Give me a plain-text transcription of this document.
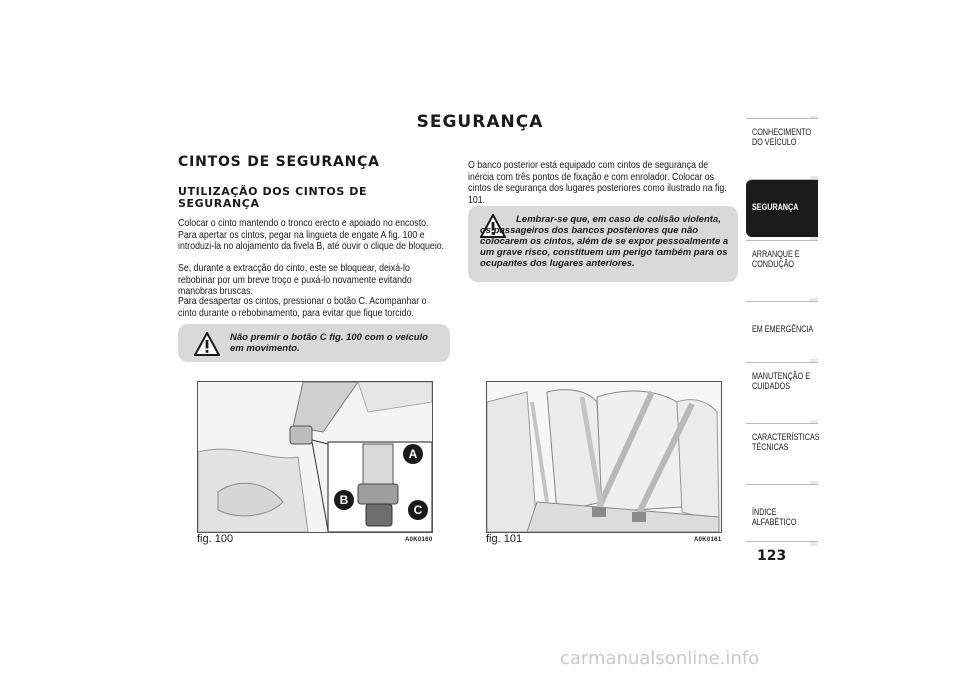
SEGURANÇA
CINTOS DE SEGURANÇA
UTILIZAÇÃO DOS CINTOS DE SEGURANÇA
Colocar o cinto mantendo o tronco erecto e apoiado no encosto. Para apertar os cintos, pegar na lingueta de engate A fig. 100 e introduzi-la no alojamento da fivela B, até ouvir o clique de bloqueio.
Se, durante a extracção do cinto, este se bloquear, deixá-lo rebobinar por um breve troço e puxá-lo novamente evitando manobras bruscas.
Para desapertar os cintos, pressionar o botão C. Acompanhar o cinto durante o rebobinamento, para evitar que fique torcido.
Não premir o botão C fig. 100 com o veículo em movimento.
A
B
C
fig. 100	A0K0160
O banco posterior está equipado com cintos de segurança de inércia com três pontos de fixação e com enrolador. Colocar os cintos de segurança dos lugares posteriores como ilustrado na fig. 101.
Lembrar-se que, em caso de colisão violenta, os passageiros dos bancos posteriores que não colocarem os cintos, além de se expor pessoalmente a um grave risco, constituem um perigo também para os ocupantes dos lugares anteriores.
fig. 101	A0K0161
CONHECIMENTO DO VEÍCULO
SEGURANÇA
ARRANQUE E CONDUÇÃO
EM EMERGÊNCIA
MANUTENÇÃO E CUIDADOS
CARACTERÍSTICAS TÉCNICAS
ÍNDICE ALFABÉTICO
123
carmanualsonline.info
